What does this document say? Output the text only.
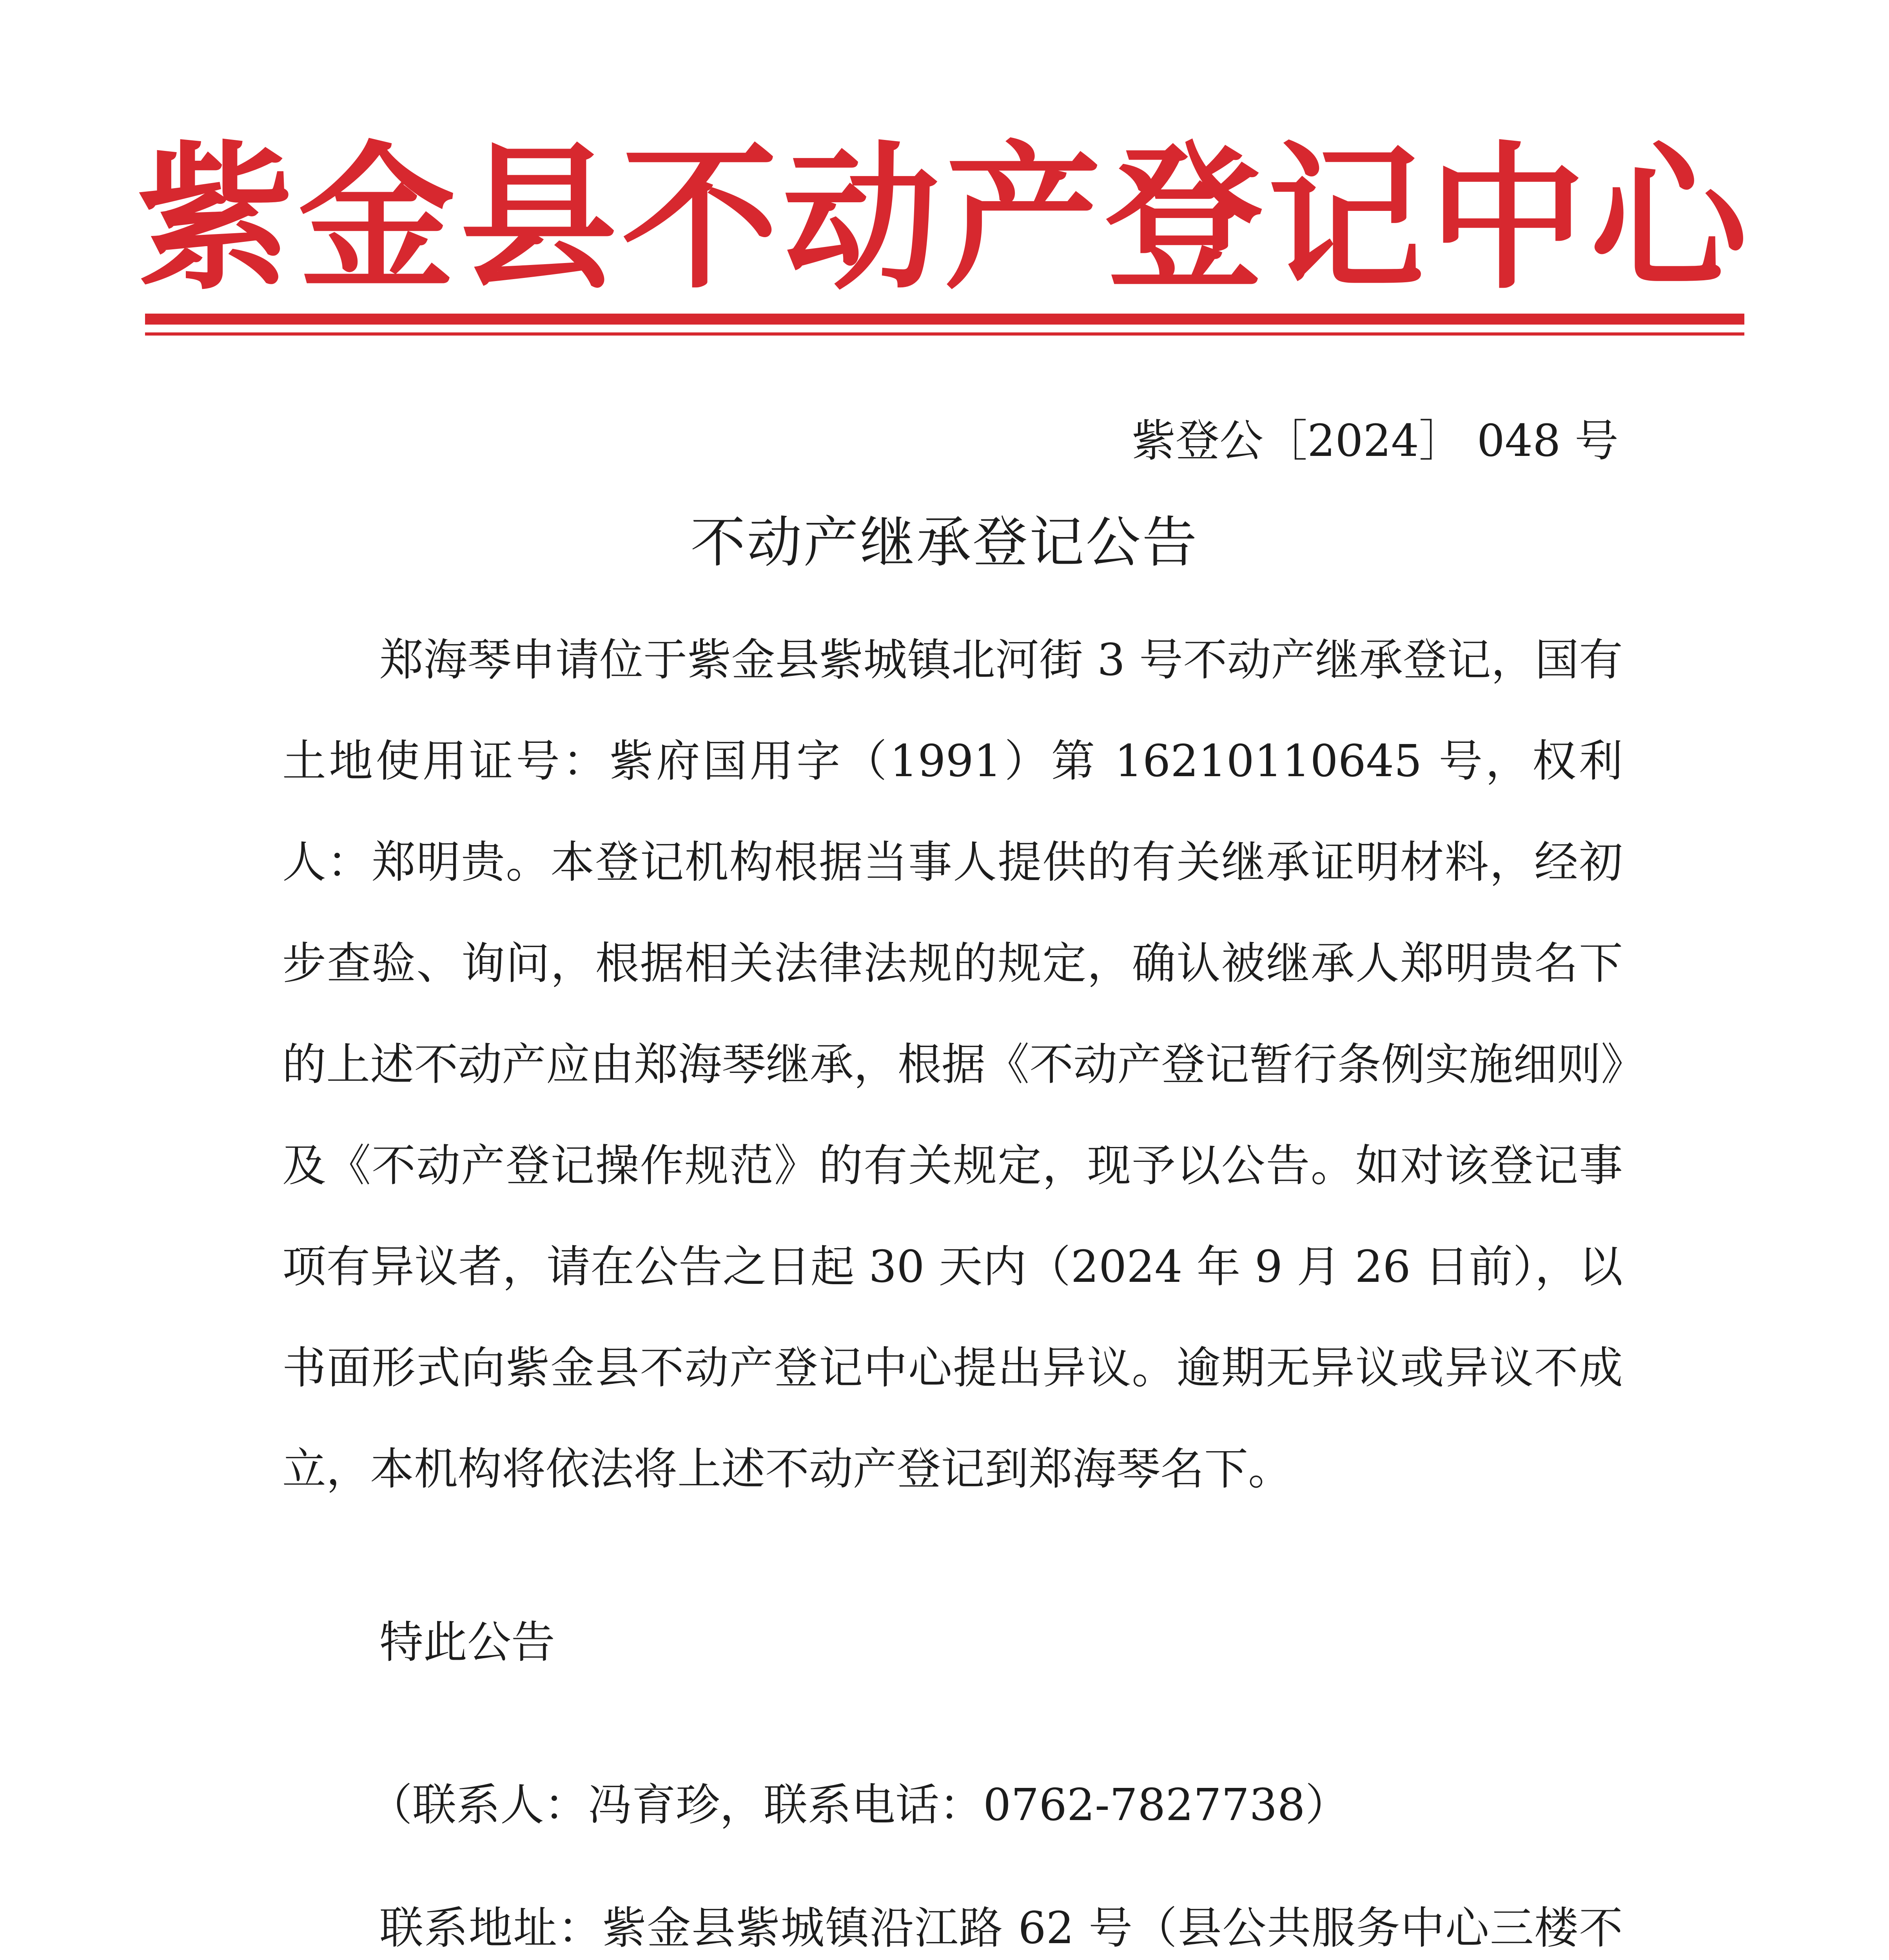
紫金县不动产登记中心
紫登公［2024］ 048 号
不动产继承登记公告

郑海琴申请位于紫金县紫城镇北河街 3 号不动产继承登记，国有土地使用证号：紫府国用字（1991）第 16210110645 号，权利人：郑明贵。本登记机构根据当事人提供的有关继承证明材料，经初步查验、询问，根据相关法律法规的规定，确认被继承人郑明贵名下的上述不动产应由郑海琴继承，根据《不动产登记暂行条例实施细则》及《不动产登记操作规范》的有关规定，现予以公告。如对该登记事项有异议者，请在公告之日起 30 天内（2024 年 9 月 26 日前），以书面形式向紫金县不动产登记中心提出异议。逾期无异议或异议不成立，本机构将依法将上述不动产登记到郑海琴名下。

特此公告
（联系人：冯育珍，联系电话：0762-7827738）

联系地址：紫金县紫城镇沿江路 62 号（县公共服务中心三楼不
